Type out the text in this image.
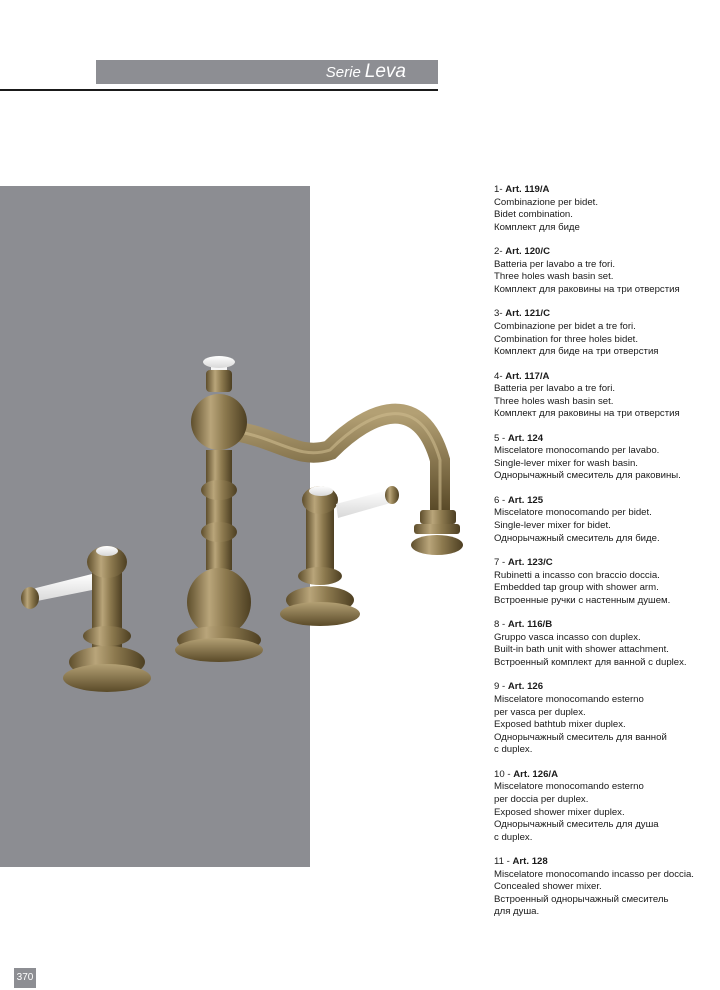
Serie Leva
1- Art. 119/A
Combinazione per bidet.
Bidet combination.
Комплект для биде
2- Art. 120/C
Batteria per lavabo a tre fori.
Three holes wash basin set.
Комплект для раковины на три отверстия
3- Art. 121/C
Combinazione per bidet a tre fori.
Combination for three holes bidet.
Комплект для биде на три отверстия
4- Art. 117/A
Batteria per lavabo a tre fori.
Three holes wash basin set.
Комплект для раковины на три отверстия
5 - Art. 124
Miscelatore monocomando per lavabo.
Single-lever mixer for wash basin.
Однорычажный смеситель для раковины.
6 - Art. 125
Miscelatore monocomando per bidet.
Single-lever mixer for bidet.
Однорычажный смеситель для биде.
7 - Art. 123/C
Rubinetti a incasso con braccio doccia.
Embedded tap group with shower arm.
Встроенные ручки с настенным душем.
8 - Art. 116/B
Gruppo vasca incasso con duplex.
Built-in bath unit with shower attachment.
Встроенный комплект для ванной с duplex.
9 - Art. 126
Miscelatore monocomando esterno
per vasca per duplex.
Exposed bathtub mixer duplex.
Однорычажный смеситель для ванной
с duplex.
10 - Art. 126/A
Miscelatore monocomando esterno
per doccia per duplex.
Exposed shower mixer duplex.
Однорычажный смеситель для душа
с duplex.
11 - Art. 128
Miscelatore monocomando incasso per doccia.
Concealed shower mixer.
Встроенный однорычажный смеситель
для душа.
370
